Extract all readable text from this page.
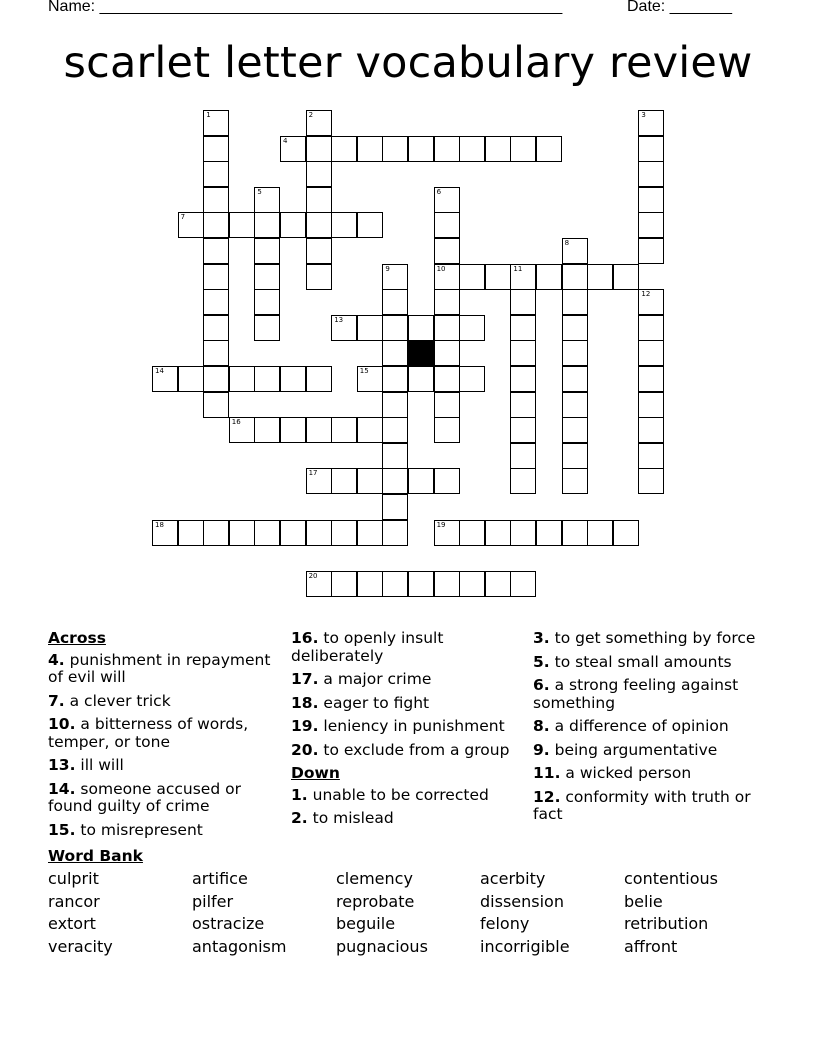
Name: ____________________________________________________	Date: _______
scarlet letter vocabulary review
1	2	3
4
5	6
10
7
8
9	11
12
13
14	15
16
17
18	19
20
Across
4. punishment in repayment of evil will
7. a clever trick
10. a bitterness of words, temper, or tone
13. ill will
14. someone accused or found guilty of crime
15. to misrepresent
16. to openly insult deliberately
17. a major crime
18. eager to fight
19. leniency in punishment
20. to exclude from a group
Down
1. unable to be corrected
2. to mislead
3. to get something by force
5. to steal small amounts
6. a strong feeling against something
8. a difference of opinion
9. being argumentative
11. a wicked person
12. conformity with truth or fact
Word Bank
culprit	artifice	clemency	acerbity	contentious
rancor	pilfer	reprobate	dissension	belie
extort	ostracize	beguile	felony	retribution
veracity	antagonism	pugnacious	incorrigible	affront
